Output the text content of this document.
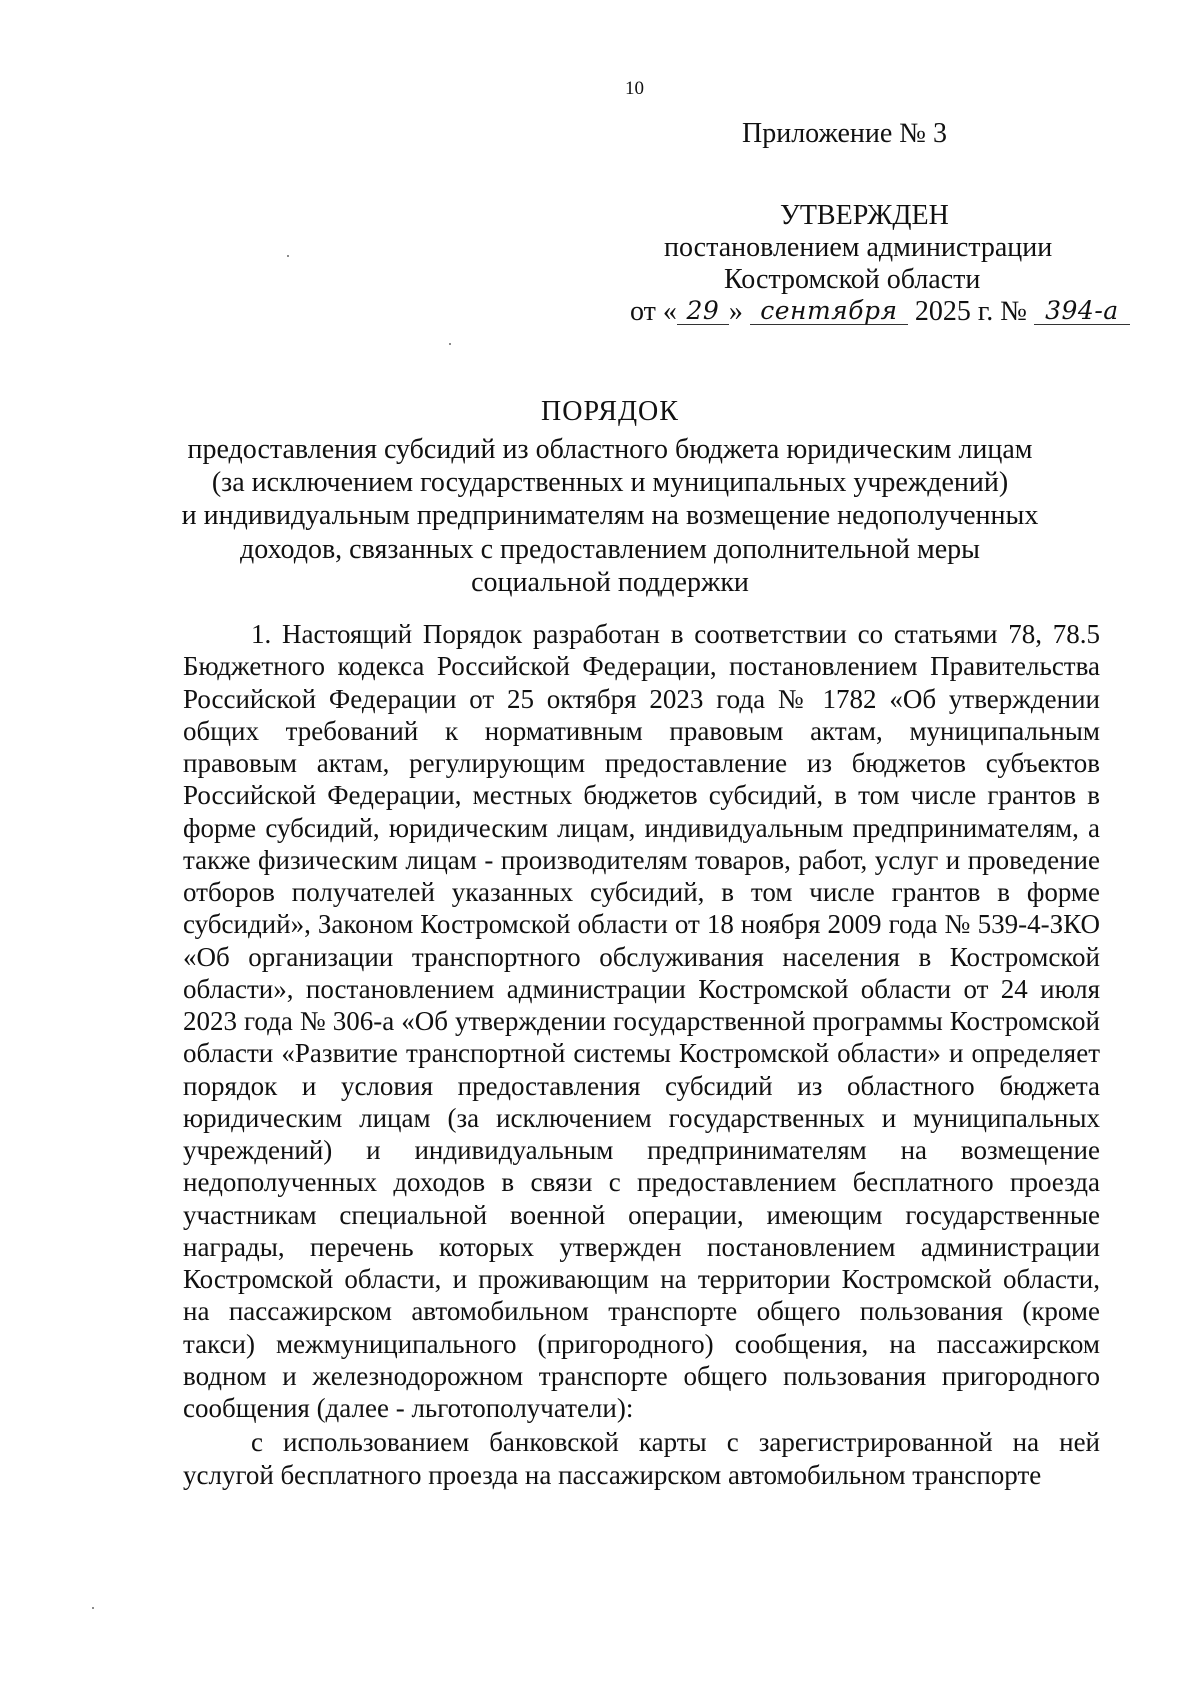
10
Приложение № 3
УТВЕРЖДЕН
постановлением администрации
Костромской области
от « 29 » сентября 2025 г. № 394-а
ПОРЯДОК
предоставления субсидий из областного бюджета юридическим лицам
(за исключением государственных и муниципальных учреждений)
и индивидуальным предпринимателям на возмещение недополученных
доходов, связанных с предоставлением дополнительной меры
социальной поддержки

1. Настоящий Порядок разработан в соответствии со статьями 78, 78.5 Бюджетного кодекса Российской Федерации, постановлением Правительства Российской Федерации от 25 октября 2023 года № 1782 «Об утверждении общих требований к нормативным правовым актам, муниципальным правовым актам, регулирующим предоставление из бюджетов субъектов Российской Федерации, местных бюджетов субсидий, в том числе грантов в форме субсидий, юридическим лицам, индивидуальным предпринимателям, а также физическим лицам - производителям товаров, работ, услуг и проведение отборов получателей указанных субсидий, в том числе грантов в форме субсидий», Законом Костромской области от 18 ноября 2009 года № 539-4-ЗКО «Об организации транспортного обслуживания населения в Костромской области», постановлением администрации Костромской области от 24 июля 2023 года № 306-а «Об утверждении государственной программы Костромской области «Развитие транспортной системы Костромской области» и определяет порядок и условия предоставления субсидий из областного бюджета юридическим лицам (за исключением государственных и муниципальных учреждений) и индивидуальным предпринимателям на возмещение недополученных доходов в связи с предоставлением бесплатного проезда участникам специальной военной операции, имеющим государственные награды, перечень которых утвержден постановлением администрации Костромской области, и проживающим на территории Костромской области, на пассажирском автомобильном транспорте общего пользования (кроме такси) межмуниципального (пригородного) сообщения, на пассажирском водном и железнодорожном транспорте общего пользования пригородного сообщения (далее - льготополучатели):

с использованием банковской карты с зарегистрированной на ней услугой бесплатного проезда на пассажирском автомобильном транспорте
